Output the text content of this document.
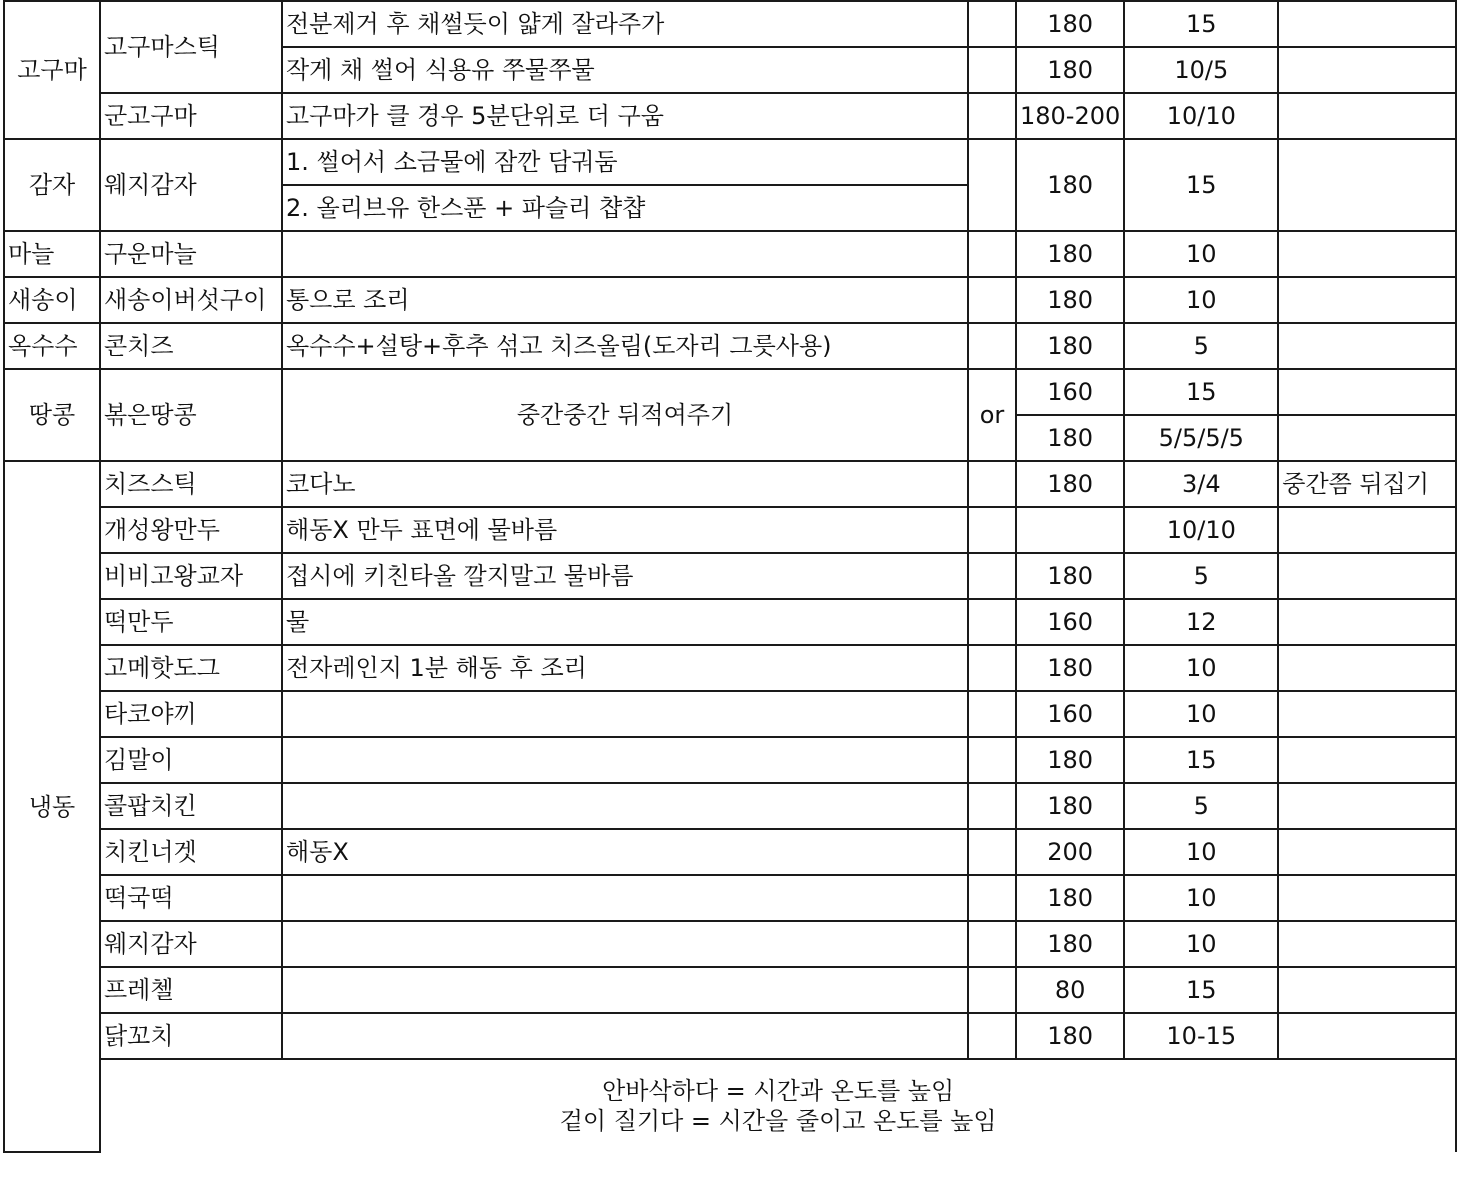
고구마	고구마스틱	전분제거 후 채썰듯이 얇게 잘라주가		180	15	
		작게 채 썰어 식용유 쭈물쭈물		180	10/5	
	군고구마	고구마가 클 경우 5분단위로 더 구움		180-200	10/10	
감자	웨지감자	1. 썰어서 소금물에 잠깐 담궈둠		180	15	
		2. 올리브유 한스푼 + 파슬리 챱챱				
마늘	구운마늘			180	10	
새송이	새송이버섯구이	통으로 조리		180	10	
옥수수	콘치즈	옥수수+설탕+후추 섞고 치즈올림(도자리 그릇사용)		180	5	
땅콩	볶은땅콩	중간중간 뒤적여주기	or	160	15	
				180	5/5/5/5	
냉동	치즈스틱	코다노		180	3/4	중간쯤 뒤집기
	개성왕만두	해동X 만두 표면에 물바름			10/10	
	비비고왕교자	접시에 키친타올 깔지말고 물바름		180	5	
	떡만두	물		160	12	
	고메핫도그	전자레인지 1분 해동 후 조리		180	10	
	타코야끼			160	10	
	김말이			180	15	
	콜팝치킨			180	5	
	치킨너겟	해동X		200	10	
	떡국떡			180	10	
	웨지감자			180	10	
	프레첼			80	15	
	닭꼬치			180	10-15	

	안바삭하다 = 시간과 온도를 높임
겉이 질기다 = 시간을 줄이고 온도를 높임					
